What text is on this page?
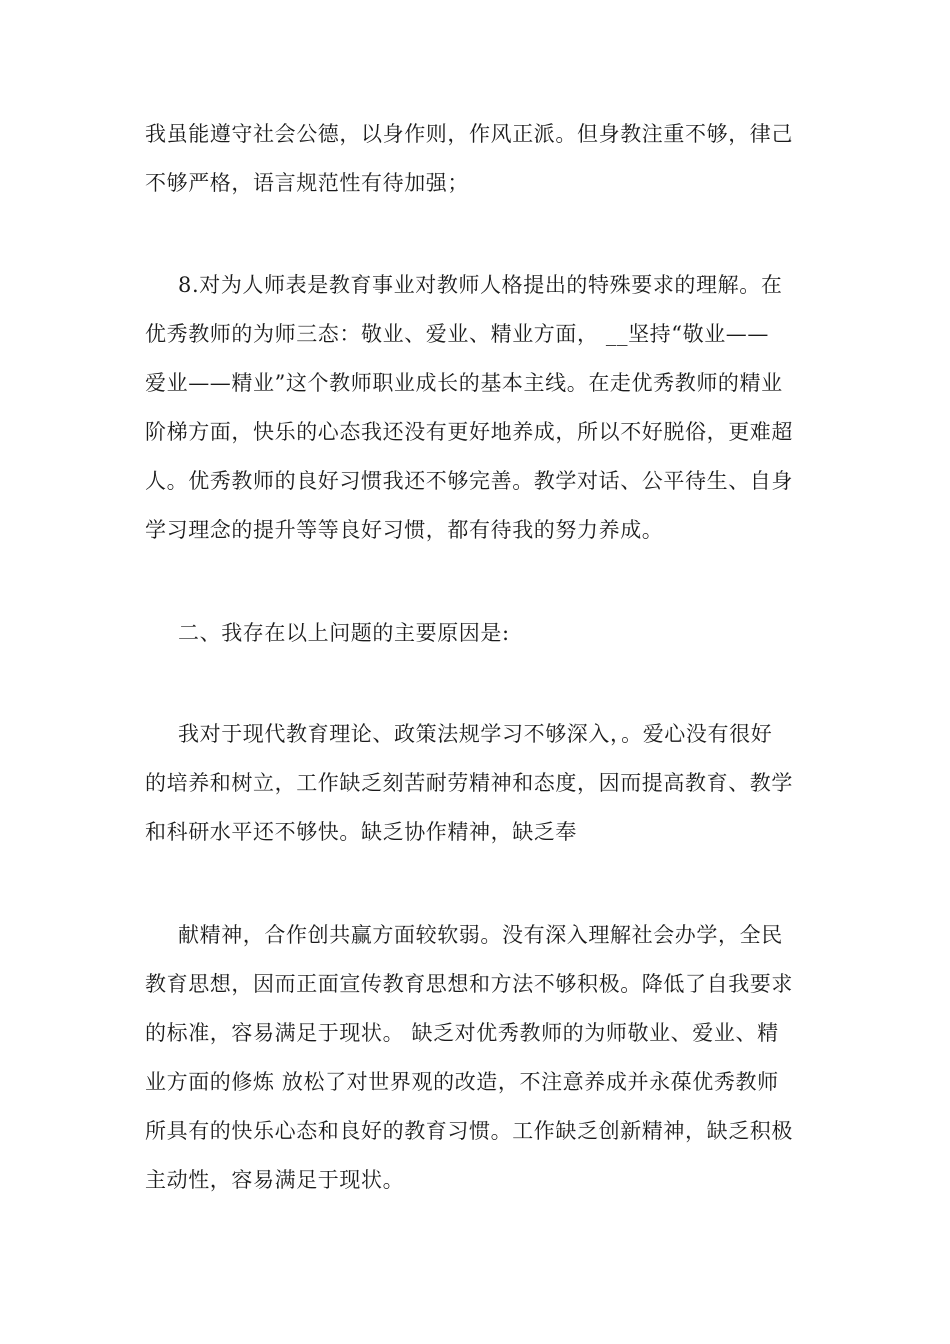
我虽能遵守社会公德，以身作则，作风正派。但身教注重不够，律己
不够严格，语言规范性有待加强；
8.对为人师表是教育事业对教师人格提出的特殊要求的理解。在
优秀教师的为师三态：敬业、爱业、精业方面， __坚持“敬业——
爱业——精业”这个教师职业成长的基本主线。在走优秀教师的精业
阶梯方面，快乐的心态我还没有更好地养成，所以不好脱俗，更难超
人。优秀教师的良好习惯我还不够完善。教学对话、公平待生、自身
学习理念的提升等等良好习惯，都有待我的努力养成。
二、我存在以上问题的主要原因是:
我对于现代教育理论、政策法规学习不够深入，。爱心没有很好
的培养和树立，工作缺乏刻苦耐劳精神和态度，因而提高教育、教学
和科研水平还不够快。缺乏协作精神，缺乏奉
献精神，合作创共赢方面较软弱。没有深入理解社会办学，全民
教育思想，因而正面宣传教育思想和方法不够积极。降低了自我要求
的标准，容易满足于现状。 缺乏对优秀教师的为师敬业、爱业、精
业方面的修炼 放松了对世界观的改造，不注意养成并永葆优秀教师
所具有的快乐心态和良好的教育习惯。工作缺乏创新精神，缺乏积极
主动性，容易满足于现状。
